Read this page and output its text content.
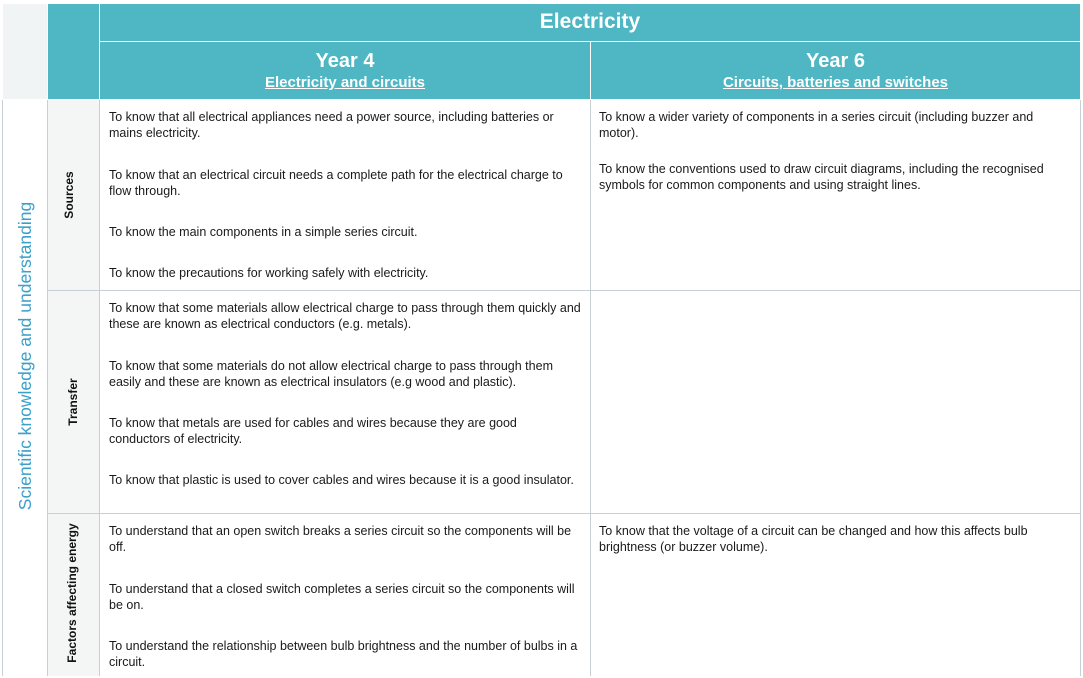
Electricity
Year 4
Electricity and circuits
Year 6
Circuits, batteries and switches
Scientific knowledge and understanding
Sources
Transfer
Factors affecting energy
To know that all electrical appliances need a power source, including batteries or mains electricity.
To know that an electrical circuit needs a complete path for the electrical charge to flow through.
To know the main components in a simple series circuit.
To know the precautions for working safely with electricity.
To know a wider variety of components in a series circuit (including buzzer and motor).
To know the conventions used to draw circuit diagrams, including the recognised symbols for common components and using straight lines.
To know that some materials allow electrical charge to pass through them quickly and these are known as electrical conductors (e.g. metals).
To know that some materials do not allow electrical charge to pass through them easily and these are known as electrical insulators (e.g wood and plastic).
To know that metals are used for cables and wires because they are good conductors of electricity.
To know that plastic is used to cover cables and wires because it is a good insulator.
To understand that an open switch breaks a series circuit so the components will be off.
To understand that a closed switch completes a series circuit so the components will be on.
To understand the relationship between bulb brightness and the number of bulbs in a circuit.
To know that the voltage of a circuit can be changed and how this affects bulb brightness (or buzzer volume).
